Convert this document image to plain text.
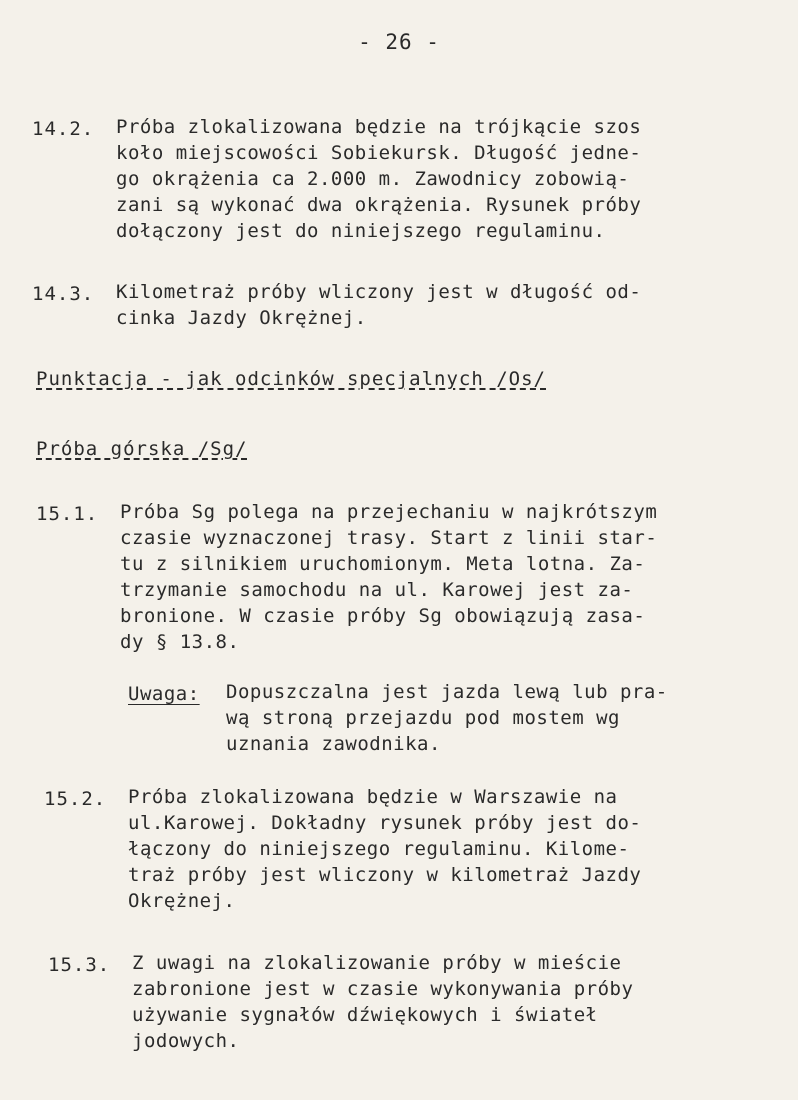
- 26 -
14.2. Próba zlokalizowana będzie na trójkącie szos
koło miejscowości Sobiekursk. Długość jedne-
go okrążenia ca 2.000 m. Zawodnicy zobowią-
zani są wykonać dwa okrążenia. Rysunek próby
dołączony jest do niniejszego regulaminu.
14.3. Kilometraż próby wliczony jest w długość od-
cinka Jazdy Okrężnej.
Punktacja - jak odcinków specjalnych /Os/
Próba górska /Sg/
15.1. Próba Sg polega na przejechaniu w najkrótszym
czasie wyznaczonej trasy. Start z linii star-
tu z silnikiem uruchomionym. Meta lotna. Za-
trzymanie samochodu na ul. Karowej jest za-
bronione. W czasie próby Sg obowiązują zasa-
dy § 13.8.
Uwaga: Dopuszczalna jest jazda lewą lub pra-
wą stroną przejazdu pod mostem wg
uznania zawodnika.
15.2. Próba zlokalizowana będzie w Warszawie na
ul.Karowej. Dokładny rysunek próby jest do-
łączony do niniejszego regulaminu. Kilome-
traż próby jest wliczony w kilometraż Jazdy
Okrężnej.
15.3. Z uwagi na zlokalizowanie próby w mieście
zabronione jest w czasie wykonywania próby
używanie sygnałów dźwiękowych i świateł
jodowych.
